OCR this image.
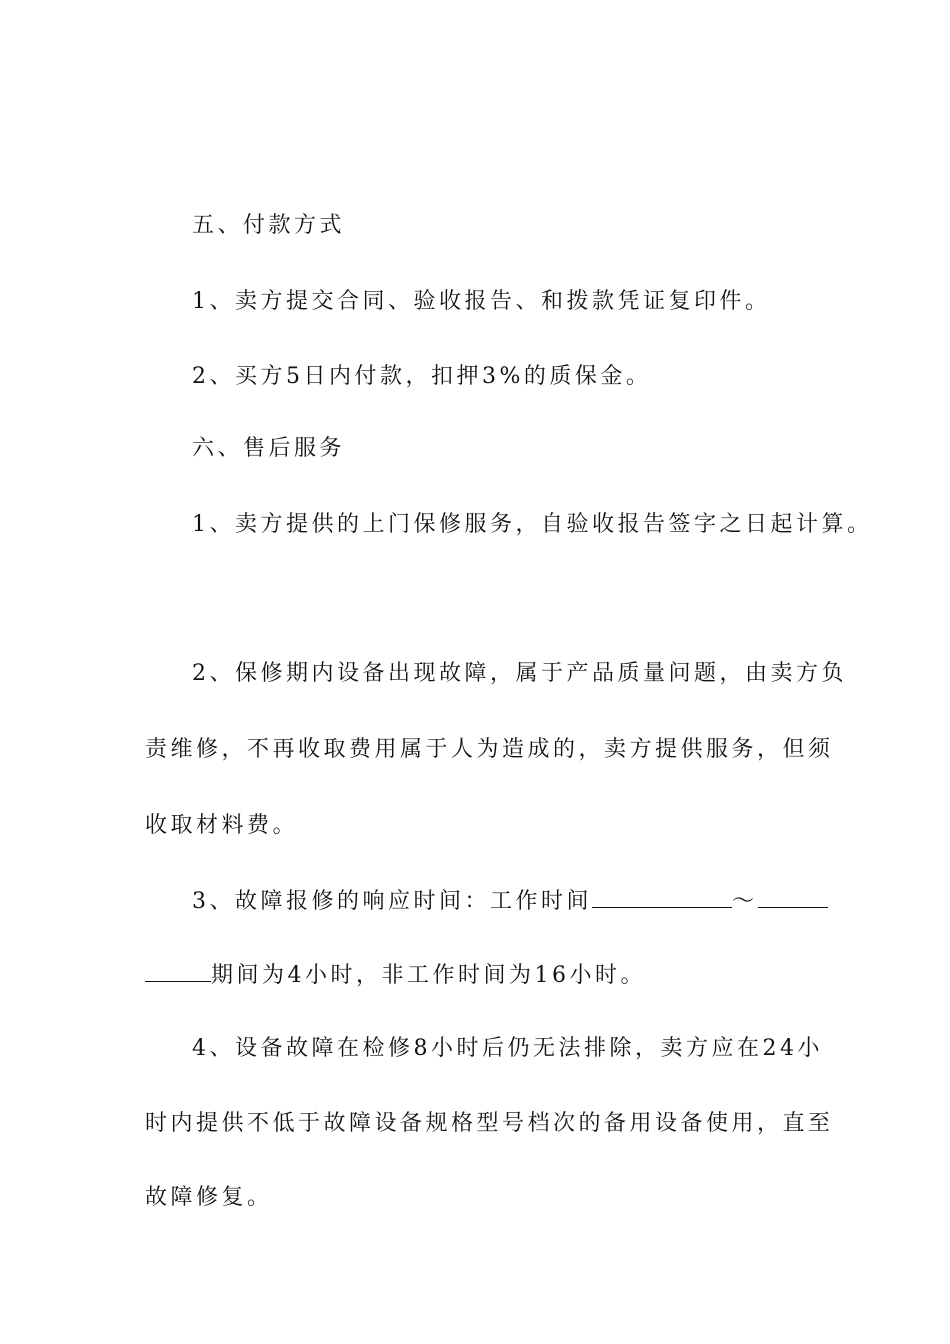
五、付款方式
1、卖方提交合同、验收报告、和拨款凭证复印件。
2、买方5日内付款，扣押3%的质保金。
六、售后服务
1、卖方提供的上门保修服务，自验收报告签字之日起计算。
2、保修期内设备出现故障，属于产品质量问题，由卖方负
责维修，不再收取费用属于人为造成的，卖方提供服务，但须
收取材料费。
3、故障报修的响应时间：工作时间	～
期间为4小时，非工作时间为16小时。
4、设备故障在检修8小时后仍无法排除，卖方应在24小
时内提供不低于故障设备规格型号档次的备用设备使用，直至
故障修复。
